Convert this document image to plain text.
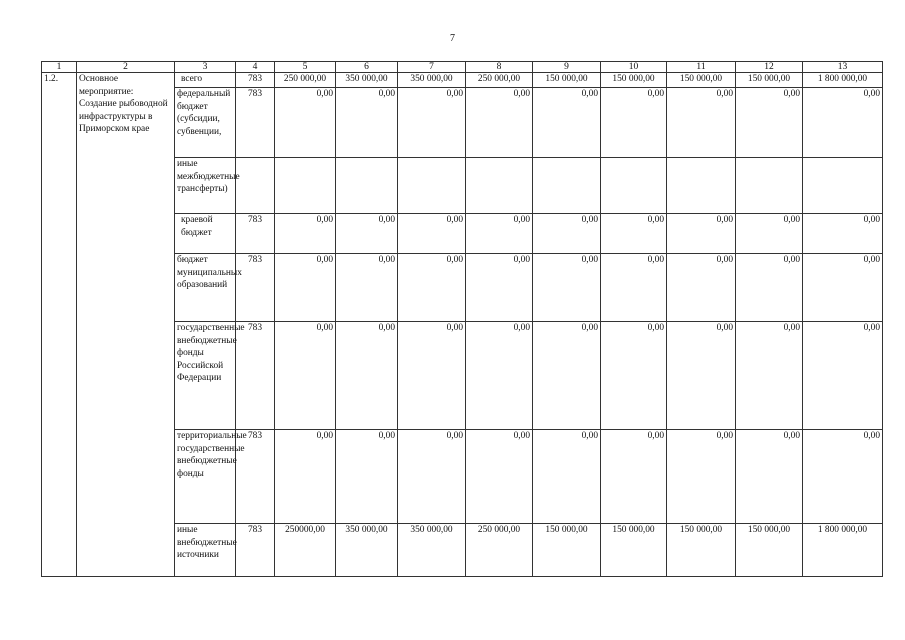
7
1	2	3	4	5	6	7	8	9	10	11	12	13
1.2.	Основное мероприятие: Создание рыбоводной инфраструктуры в Приморском крае	всего	783	250 000,00	350 000,00	350 000,00	250 000,00	150 000,00	150 000,00	150 000,00	150 000,00	1 800 000,00
		федеральный бюджет (субсидии, субвенции,	783	0,00	0,00	0,00	0,00	0,00	0,00	0,00	0,00	0,00
		иные межбюджетные трансферты)										
		краевой бюджет	783	0,00	0,00	0,00	0,00	0,00	0,00	0,00	0,00	0,00
		бюджет муниципальных образований	783	0,00	0,00	0,00	0,00	0,00	0,00	0,00	0,00	0,00
		государственные внебюджетные фонды Российской Федерации	783	0,00	0,00	0,00	0,00	0,00	0,00	0,00	0,00	0,00
		территориальные государственные внебюджетные фонды	783	0,00	0,00	0,00	0,00	0,00	0,00	0,00	0,00	0,00
		иные внебюджетные источники	783	250000,00	350 000,00	350 000,00	250 000,00	150 000,00	150 000,00	150 000,00	150 000,00	1 800 000,00
